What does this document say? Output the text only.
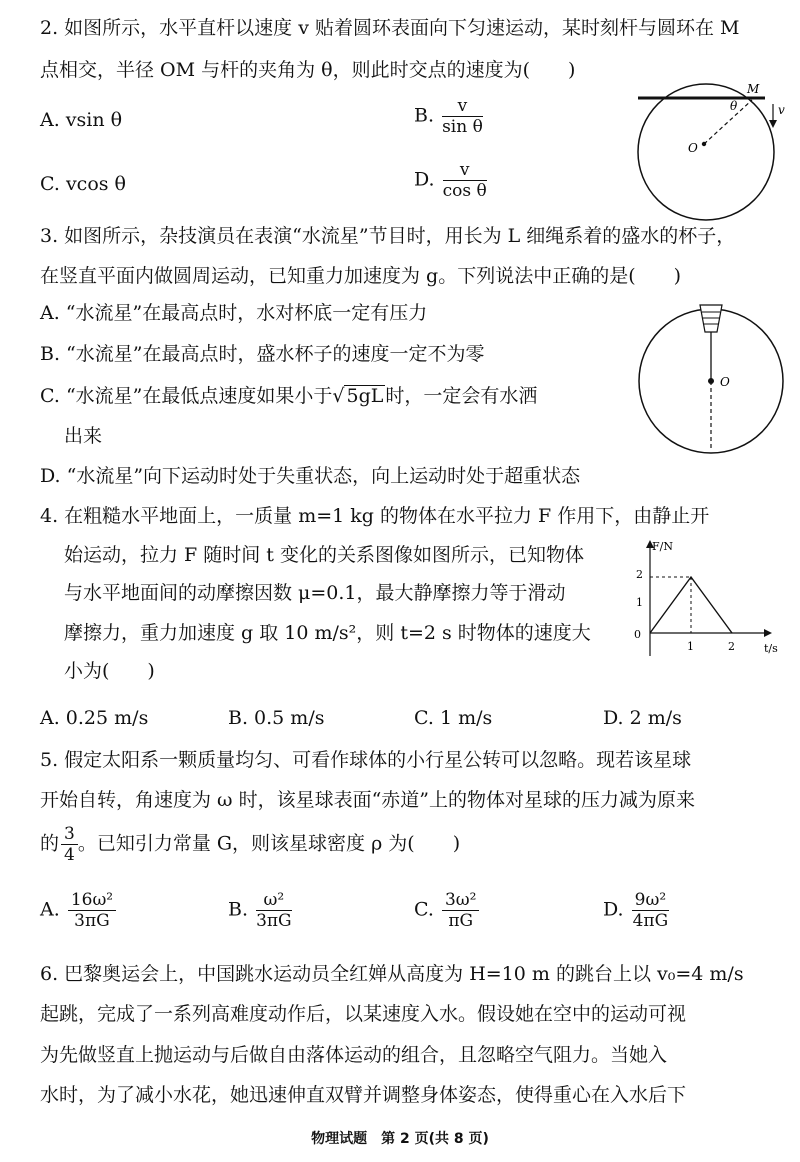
2. 如图所示，水平直杆以速度 v 贴着圆环表面向下匀速运动，某时刻杆与圆环在 M
点相交，半径 OM 与杆的夹角为 θ，则此时交点的速度为(　　)
A. vsin θ	B. $\frac{v}{\text{sin θ}}$
C. vcos θ	D. $\frac{v}{\text{cos θ}}$
M
v
θ
O
3. 如图所示，杂技演员在表演“水流星”节目时，用长为 L 细绳系着的盛水的杯子，
在竖直平面内做圆周运动，已知重力加速度为 g。下列说法中正确的是(　　)
A. “水流星”在最高点时，水对杯底一定有压力
B. “水流星”在最高点时，盛水杯子的速度一定不为零
C. “水流星”在最低点速度如果小于√ 5gL 时，一定会有水洒
出来
D. “水流星”向下运动时处于失重状态，向上运动时处于超重状态
O
4. 在粗糙水平地面上，一质量 m=1 kg 的物体在水平拉力 F 作用下，由静止开
始运动，拉力 F 随时间 t 变化的关系图像如图所示，已知物体
与水平地面间的动摩擦因数 μ=0.1，最大静摩擦力等于滑动
摩擦力，重力加速度 g 取 10 m/s²，则 t=2 s 时物体的速度大
小为(　　)
F/N
t/s
0
1
2
1	2
A. 0.25 m/s	B. 0.5 m/s	C. 1 m/s	D. 2 m/s
5. 假定太阳系一颗质量均匀、可看作球体的小行星公转可以忽略。现若该星球
开始自转，角速度为 ω 时，该星球表面“赤道”上的物体对星球的压力减为原来
的 $\frac{3}{4}$ 。已知引力常量 G，则该星球密度 ρ 为(　　)
A. $\frac{\text{16ω²}}{3\pi G}$	B. $\frac{\text{ω²}}{3\pi G}$	C. $\frac{\text{3ω²}}{\pi G}$	D. $\frac{\text{9ω²}}{4\pi G}$
6. 巴黎奥运会上，中国跳水运动员全红婵从高度为 H=10 m 的跳台上以 v₀=4 m/s
起跳，完成了一系列高难度动作后，以某速度入水。假设她在空中的运动可视
为先做竖直上抛运动与后做自由落体运动的组合，且忽略空气阻力。当她入
水时，为了减小水花，她迅速伸直双臂并调整身体姿态，使得重心在入水后下
物理试题　第 2 页(共 8 页)
